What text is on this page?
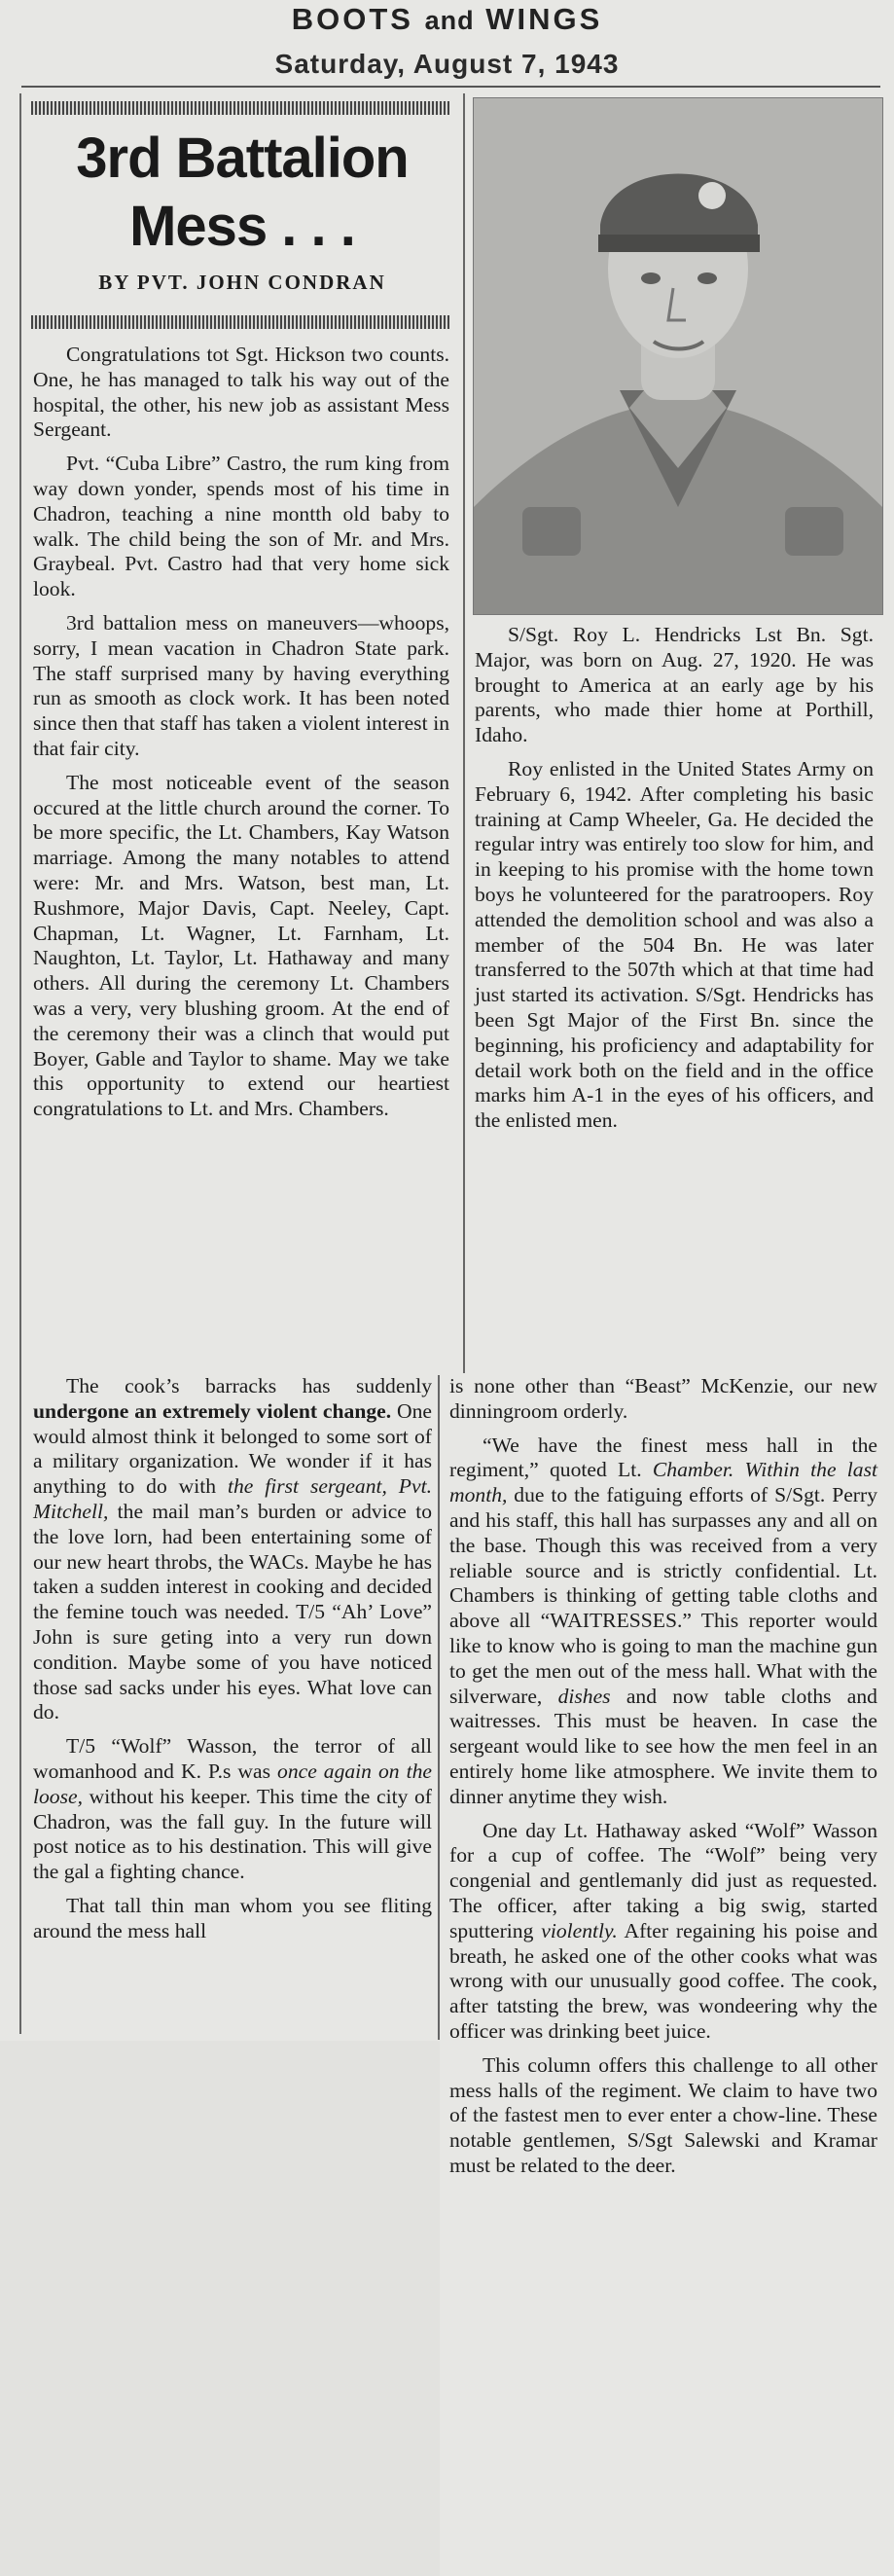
BOOTS and WINGS
Saturday, August 7, 1943
3rd Battalion
Mess . . .
BY PVT. JOHN CONDRAN

Congratulations tot Sgt. Hickson two counts. One, he has managed to talk his way out of the hospital, the other, his new job as assistant Mess Sergeant.

Pvt. “Cuba Libre” Castro, the rum king from way down yonder, spends most of his time in Chadron, teaching a nine montth old baby to walk. The child being the son of Mr. and Mrs. Graybeal. Pvt. Castro had that very home sick look.

3rd battalion mess on maneuvers—whoops, sorry, I mean vacation in Chadron State park. The staff surprised many by having everything run as smooth as clock work. It has been noted since then that staff has taken a violent interest in that fair city.

The most noticeable event of the season occured at the little church around the corner. To be more specific, the Lt. Chambers, Kay Watson marriage. Among the many notables to attend were: Mr. and Mrs. Watson, best man, Lt. Rushmore, Major Davis, Capt. Neeley, Capt. Chapman, Lt. Wagner, Lt. Farnham, Lt. Naughton, Lt. Taylor, Lt. Hathaway and many others. All during the ceremony Lt. Chambers was a very, very blushing groom. At the end of the ceremony their was a clinch that would put Boyer, Gable and Taylor to shame. May we take this opportunity to extend our heartiest congratulations to Lt. and Mrs. Chambers.

The cook’s barracks has suddenly undergone an extremely violent change. One would almost think it belonged to some sort of a military organization. We wonder if it has anything to do with the first sergeant, Pvt. Mitchell, the mail man’s burden or advice to the love lorn, had been entertaining some of our new heart throbs, the WACs. Maybe he has taken a sudden interest in cooking and decided the femine touch was needed. T/5 “Ah’ Love” John is sure geting into a very run down condition. Maybe some of you have noticed those sad sacks under his eyes. What love can do.

T/5 “Wolf” Wasson, the terror of all womanhood and K. P.s was once again on the loose, without his keeper. This time the city of Chadron, was the fall guy. In the future will post notice as to his destination. This will give the gal a fighting chance.

That tall thin man whom you see fliting around the mess hall

S/Sgt. Roy L. Hendricks Lst Bn. Sgt. Major, was born on Aug. 27, 1920. He was brought to America at an early age by his parents, who made thier home at Porthill, Idaho.

Roy enlisted in the United States Army on February 6, 1942. After completing his basic training at Camp Wheeler, Ga. He decided the regular intry was entirely too slow for him, and in keeping to his promise with the home town boys he volunteered for the paratroopers. Roy attended the demolition school and was also a member of the 504 Bn. He was later transferred to the 507th which at that time had just started its activation. S/Sgt. Hendricks has been Sgt Major of the First Bn. since the beginning, his proficiency and adaptability for detail work both on the field and in the office marks him A-1 in the eyes of his officers, and the enlisted men.

is none other than “Beast” McKenzie, our new dinningroom orderly.

“We have the finest mess hall in the regiment,” quoted Lt. Chamber. Within the last month, due to the fatiguing efforts of S/Sgt. Perry and his staff, this hall has surpasses any and all on the base. Though this was received from a very reliable source and is strictly confidential. Lt. Chambers is thinking of getting table cloths and above all “WAITRESSES.” This reporter would like to know who is going to man the machine gun to get the men out of the mess hall. What with the silverware, dishes and now table cloths and waitresses. This must be heaven. In case the sergeant would like to see how the men feel in an entirely home like atmosphere. We invite them to dinner anytime they wish.

One day Lt. Hathaway asked “Wolf” Wasson for a cup of coffee. The “Wolf” being very congenial and gentlemanly did just as requested. The officer, after taking a big swig, started sputtering violently. After regaining his poise and breath, he asked one of the other cooks what was wrong with our unusually good coffee. The cook, after tatsting the brew, was wondeering why the officer was drinking beet juice.

This column offers this challenge to all other mess halls of the regiment. We claim to have two of the fastest men to ever enter a chow-line. These notable gentlemen, S/Sgt Salewski and Kramar must be related to the deer.
